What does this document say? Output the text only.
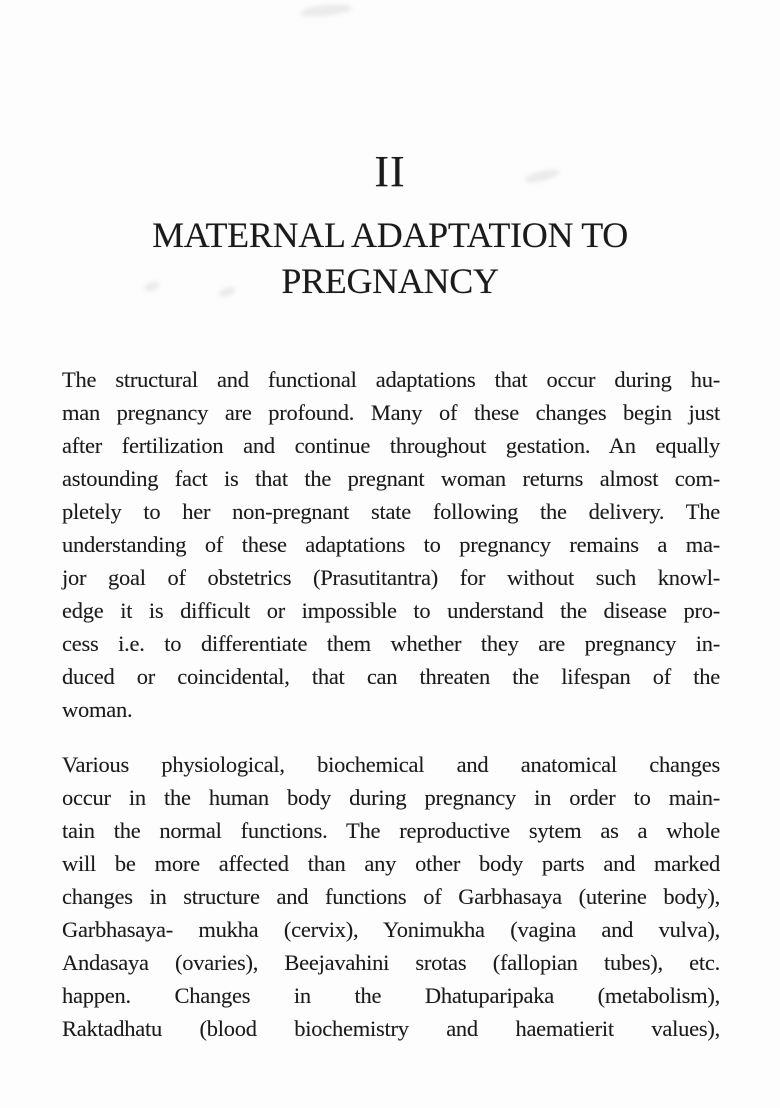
II
MATERNAL ADAPTATION TO
PREGNANCY
The structural and functional adaptations that occur during hu-
man pregnancy are profound. Many of these changes begin just
after fertilization and continue throughout gestation. An equally
astounding fact is that the pregnant woman returns almost com-
pletely to her non-pregnant state following the delivery. The
understanding of these adaptations to pregnancy remains a ma-
jor goal of obstetrics (Prasutitantra) for without such knowl-
edge it is difficult or impossible to understand the disease pro-
cess i.e. to differentiate them whether they are pregnancy in-
duced or coincidental, that can threaten the lifespan of the
woman.
Various physiological, biochemical and anatomical changes
occur in the human body during pregnancy in order to main-
tain the normal functions. The reproductive sytem as a whole
will be more affected than any other body parts and marked
changes in structure and functions of Garbhasaya (uterine body),
Garbhasaya- mukha (cervix), Yonimukha (vagina and vulva),
Andasaya (ovaries), Beejavahini srotas (fallopian tubes), etc.
happen. Changes in the Dhatuparipaka (metabolism),
Raktadhatu (blood biochemistry and haematierit values),
